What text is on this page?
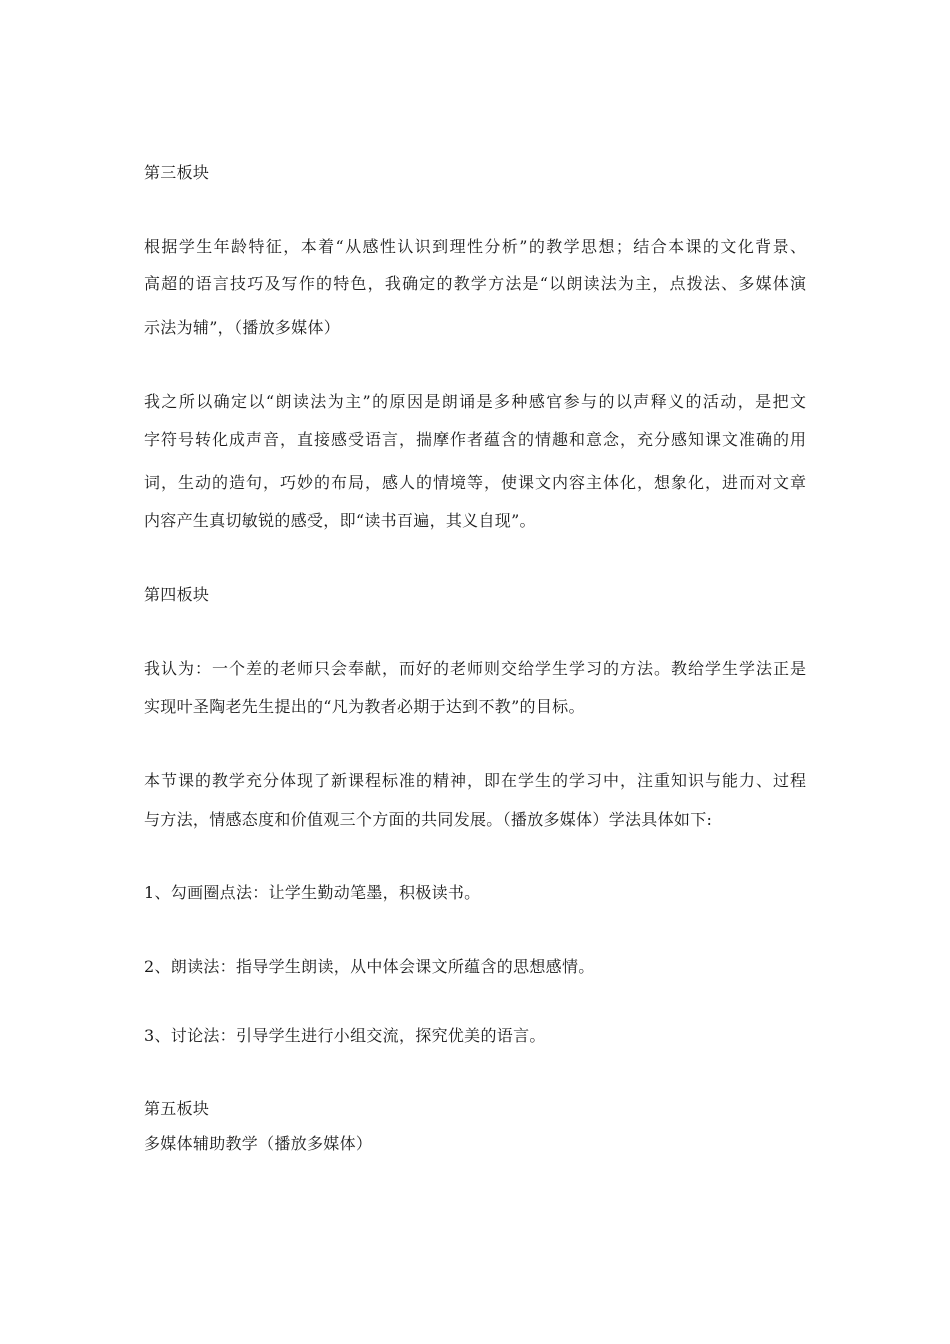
第三板块
根据学生年龄特征，本着“从感性认识到理性分析”的教学思想；结合本课的文化背景、
高超的语言技巧及写作的特色，我确定的教学方法是“以朗读法为主，点拨法、多媒体演
示法为辅”，（播放多媒体）
我之所以确定以“朗读法为主”的原因是朗诵是多种感官参与的以声释义的活动，是把文
字符号转化成声音，直接感受语言，揣摩作者蕴含的情趣和意念，充分感知课文准确的用
词，生动的造句，巧妙的布局，感人的情境等，使课文内容主体化，想象化，进而对文章
内容产生真切敏锐的感受，即“读书百遍，其义自现”。
第四板块
我认为：一个差的老师只会奉献，而好的老师则交给学生学习的方法。教给学生学法正是
实现叶圣陶老先生提出的“凡为教者必期于达到不教”的目标。
本节课的教学充分体现了新课程标准的精神，即在学生的学习中，注重知识与能力、过程
与方法，情感态度和价值观三个方面的共同发展。（播放多媒体）学法具体如下:
1、勾画圈点法：让学生勤动笔墨，积极读书。
2、朗读法：指导学生朗读，从中体会课文所蕴含的思想感情。
3、讨论法：引导学生进行小组交流，探究优美的语言。
第五板块
多媒体辅助教学（播放多媒体）
